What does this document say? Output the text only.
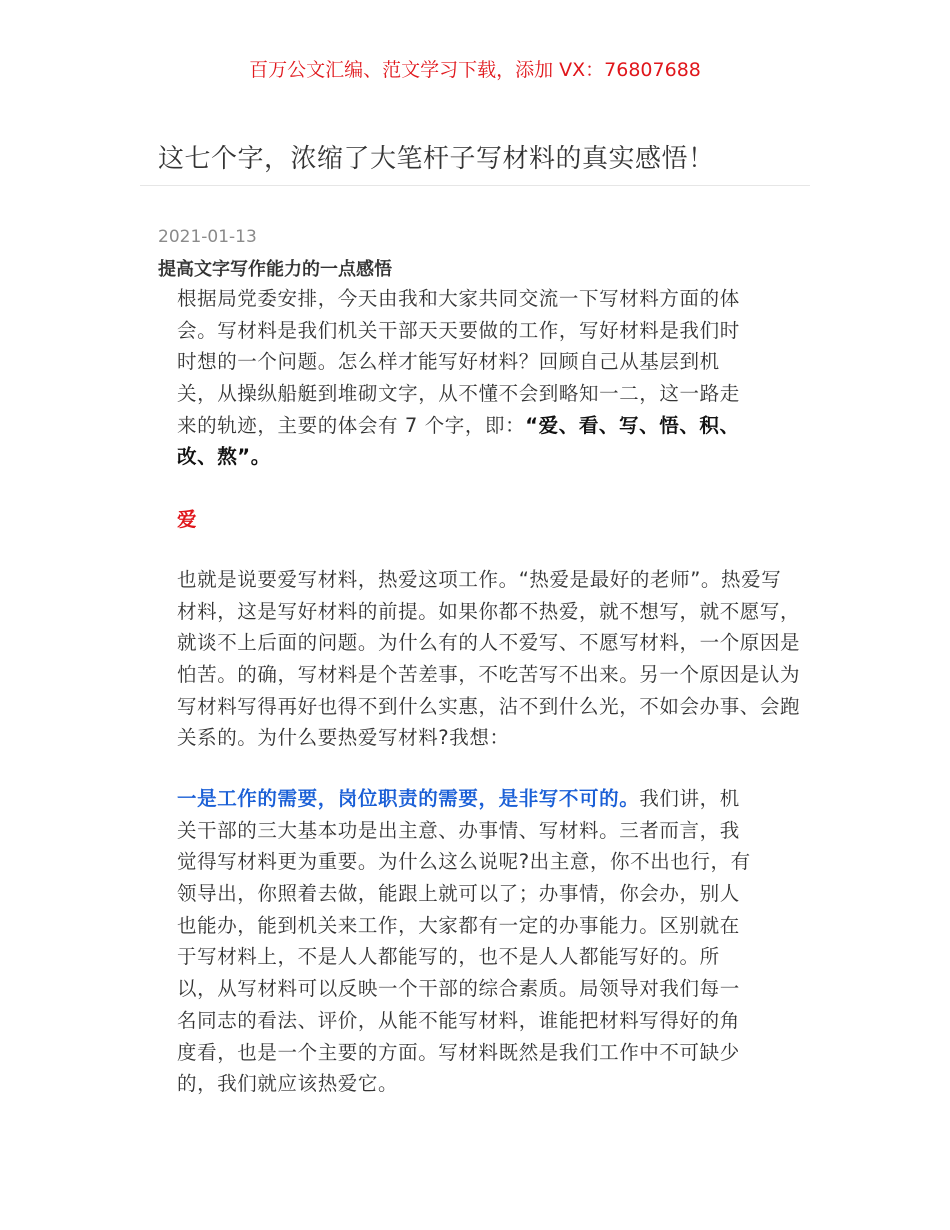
百万公文汇编、范文学习下载，添加 VX：76807688
这七个字，浓缩了大笔杆子写材料的真实感悟！
2021-01-13
提高文字写作能力的一点感悟
根据局党委安排，今天由我和大家共同交流一下写材料方面的体
会。写材料是我们机关干部天天要做的工作，写好材料是我们时
时想的一个问题。怎么样才能写好材料？回顾自己从基层到机
关，从操纵船艇到堆砌文字，从不懂不会到略知一二，这一路走
来的轨迹，主要的体会有 7 个字，即：“爱、看、写、悟、积、
改、熬”。
爱
也就是说要爱写材料，热爱这项工作。“热爱是最好的老师”。热爱写
材料，这是写好材料的前提。如果你都不热爱，就不想写，就不愿写，
就谈不上后面的问题。为什么有的人不爱写、不愿写材料，一个原因是
怕苦。的确，写材料是个苦差事，不吃苦写不出来。另一个原因是认为
写材料写得再好也得不到什么实惠，沾不到什么光，不如会办事、会跑
关系的。为什么要热爱写材料?我想：
一是工作的需要，岗位职责的需要，是非写不可的。我们讲，机
关干部的三大基本功是出主意、办事情、写材料。三者而言，我
觉得写材料更为重要。为什么这么说呢?出主意，你不出也行，有
领导出，你照着去做，能跟上就可以了；办事情，你会办，别人
也能办，能到机关来工作，大家都有一定的办事能力。区别就在
于写材料上，不是人人都能写的，也不是人人都能写好的。所
以，从写材料可以反映一个干部的综合素质。局领导对我们每一
名同志的看法、评价，从能不能写材料，谁能把材料写得好的角
度看，也是一个主要的方面。写材料既然是我们工作中不可缺少
的，我们就应该热爱它。
